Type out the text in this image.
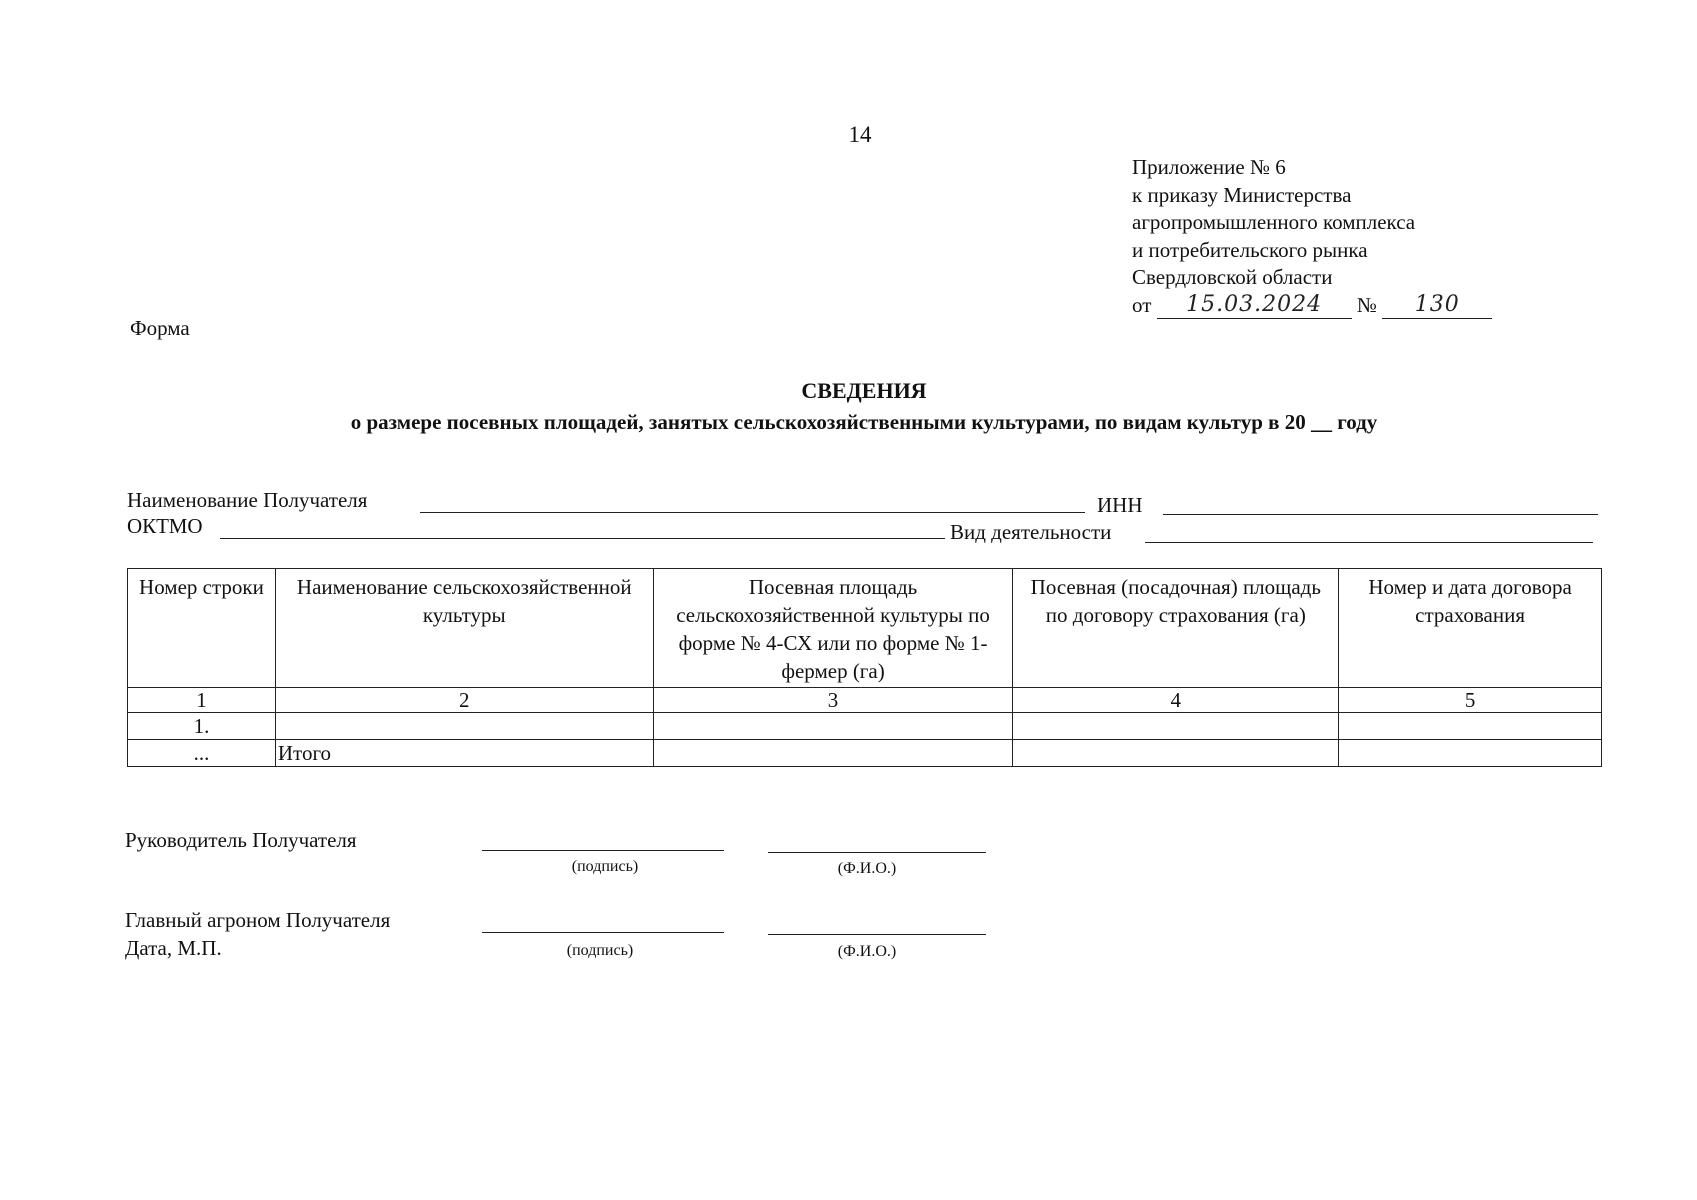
14
Приложение № 6
к приказу Министерства
агропромышленного комплекса
и потребительского рынка
Свердловской области
от 15.03.2024 № 130
Форма
СВЕДЕНИЯ
о размере посевных площадей, занятых сельскохозяйственными культурами, по видам культур в 20 __ году
Наименование Получателя	ИНН
ОКТМО	Вид деятельности
Номер строки	Наименование сельскохозяйственной культуры	Посевная площадь сельскохозяйственной культуры по форме № 4-СХ или по форме № 1-фермер (га)	Посевная (посадочная) площадь по договору страхования (га)	Номер и дата договора страхования
1	2	3	4	5
1.				
...	Итого			
Руководитель Получателя
(подпись)	(Ф.И.О.)
Главный агроном Получателя
Дата, М.П.	(подпись)	(Ф.И.О.)
